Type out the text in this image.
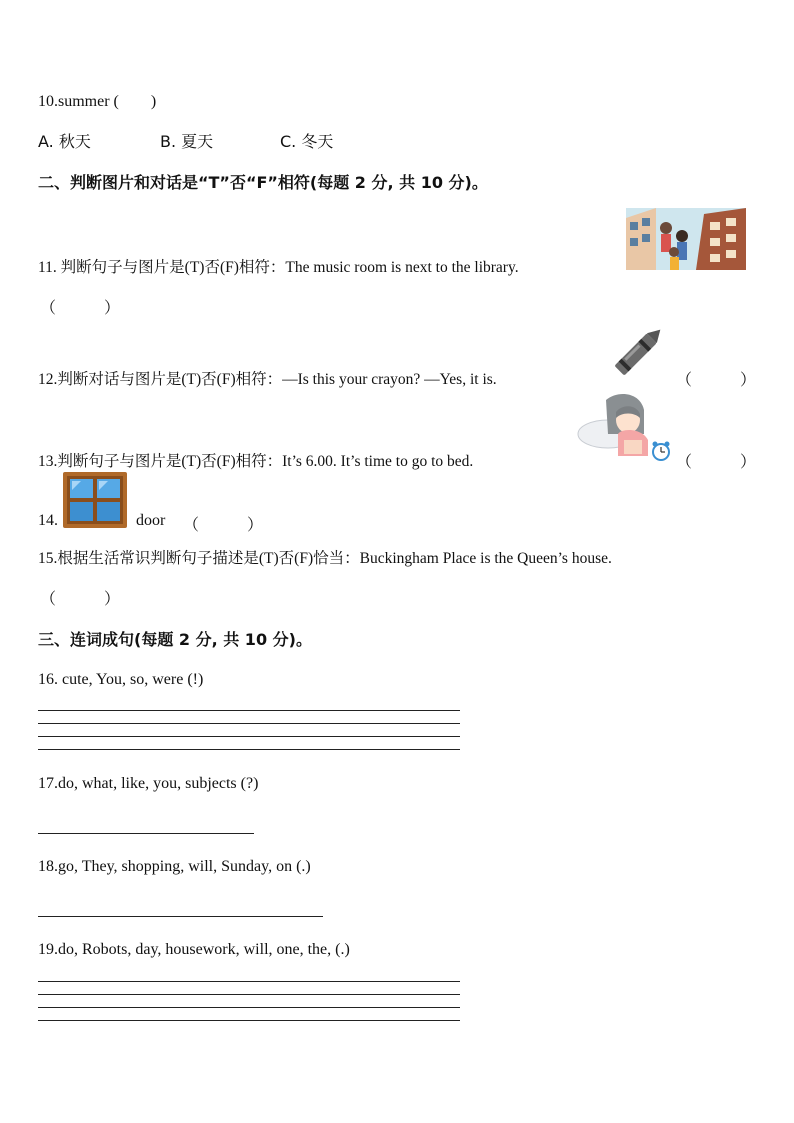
10.summer (　　)
A. 秋天	B. 夏天	C. 冬天
二、判断图片和对话是“T”否“F”相符(每题 2 分, 共 10 分)。
11. 判断句子与图片是(T)否(F)相符：The music room is next to the library.
（　　　）
12.判断对话与图片是(T)否(F)相符：—Is this your crayon? —Yes, it is.	（　　　）
13.判断句子与图片是(T)否(F)相符：It’s 6.00. It’s time to go to bed.	（　　　）
14.	door （　　　）
15.根据生活常识判断句子描述是(T)否(F)恰当：Buckingham Place is the Queen’s house.
（　　　）
三、连词成句(每题 2 分, 共 10 分)。
16. cute, You, so, were (!)
17.do, what, like, you, subjects (?)
18.go, They, shopping, will, Sunday, on (.)
19.do, Robots, day, housework, will, one, the, (.)
